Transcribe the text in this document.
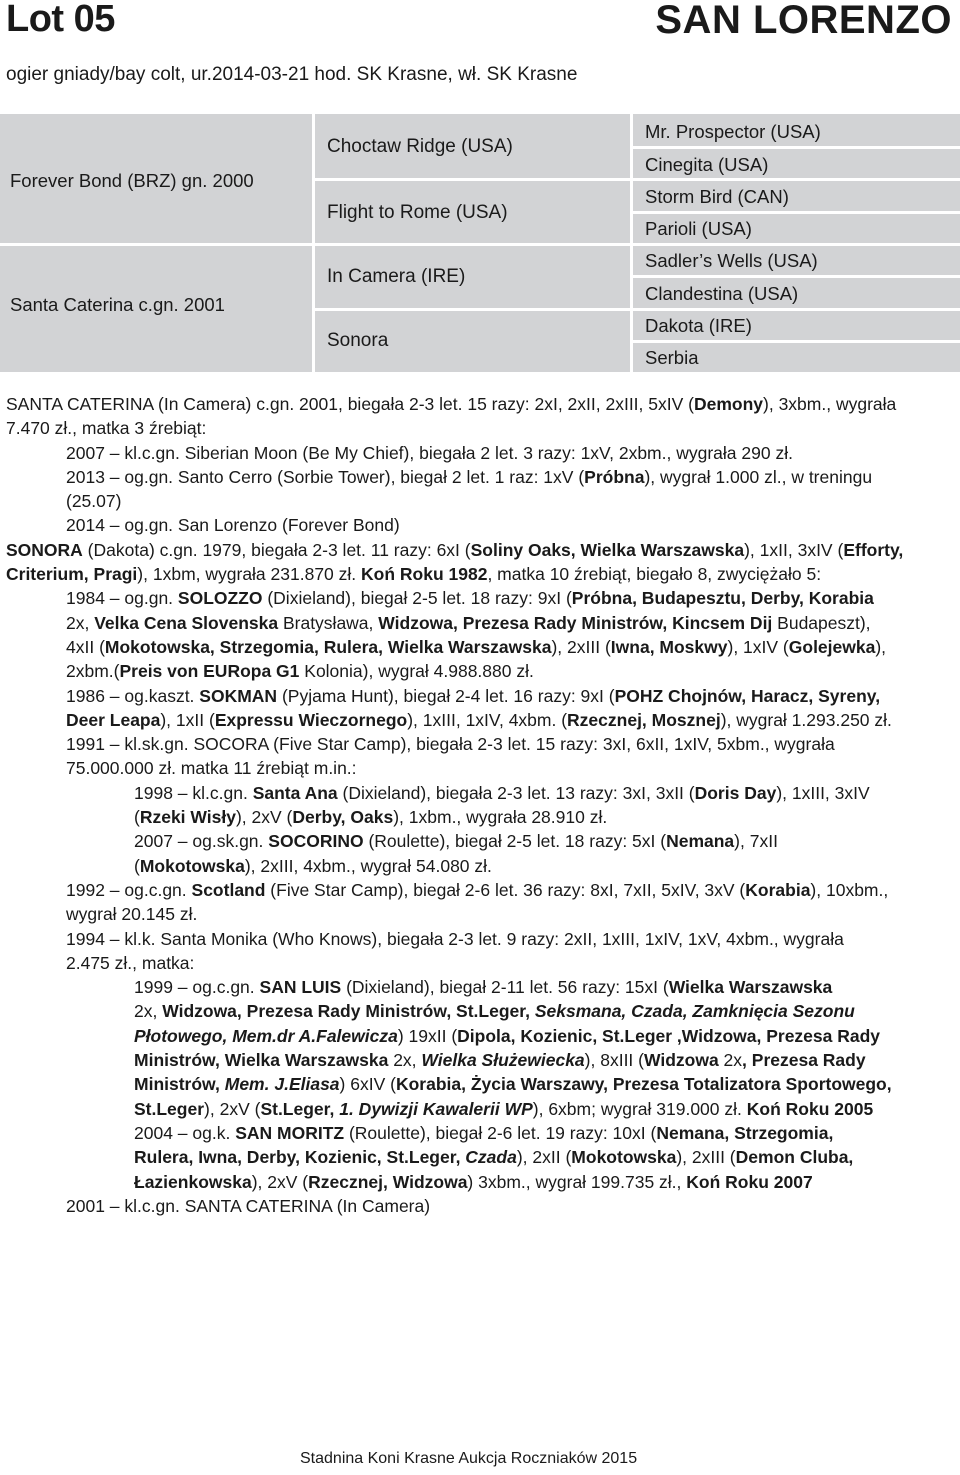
Lot 05	SAN LORENZO
ogier gniady/bay colt, ur.2014-03-21 hod. SK Krasne, wł. SK Krasne
Forever Bond (BRZ) gn. 2000
Santa Caterina c.gn. 2001
Choctaw Ridge (USA)
Flight to Rome (USA)
In Camera (IRE)
Sonora
Mr. Prospector (USA)
Cinegita (USA)
Storm Bird (CAN)
Parioli (USA)
Sadler’s Wells (USA)
Clandestina (USA)
Dakota (IRE)
Serbia

SANTA CATERINA (In Camera) c.gn. 2001, biegała 2-3 let. 15 razy: 2xI, 2xII, 2xIII, 5xIV (Demony), 3xbm., wygrała

7.470 zł., matka 3 źrebiąt:

2007 – kl.c.gn. Siberian Moon (Be My Chief), biegała 2 let. 3 razy: 1xV, 2xbm., wygrała 290 zł.

2013 – og.gn. Santo Cerro (Sorbie Tower), biegał 2 let. 1 raz: 1xV (Próbna), wygrał 1.000 zl., w treningu

(25.07)

2014 – og.gn. San Lorenzo (Forever Bond)

SONORA (Dakota) c.gn. 1979, biegała 2-3 let. 11 razy: 6xI (Soliny Oaks, Wielka Warszawska), 1xII, 3xIV (Efforty,

Criterium, Pragi), 1xbm, wygrała 231.870 zł. Koń Roku 1982, matka 10 źrebiąt, biegało 8, zwyciężało 5:

1984 – og.gn. SOLOZZO (Dixieland), biegał 2-5 let. 18 razy: 9xI (Próbna, Budapesztu, Derby, Korabia

2x, Velka Cena Slovenska Bratysława, Widzowa, Prezesa Rady Ministrów, Kincsem Dij Budapeszt),

4xII (Mokotowska, Strzegomia, Rulera, Wielka Warszawska), 2xIII (Iwna, Moskwy), 1xIV (Golejewka),

2xbm.(Preis von EURopa G1 Kolonia), wygrał 4.988.880 zł.

1986 – og.kaszt. SOKMAN (Pyjama Hunt), biegał 2-4 let. 16 razy: 9xI (POHZ Chojnów, Haracz, Syreny,

Deer Leapa), 1xII (Expressu Wieczornego), 1xIII, 1xIV, 4xbm. (Rzecznej, Mosznej), wygrał 1.293.250 zł.

1991 – kl.sk.gn. SOCORA (Five Star Camp), biegała 2-3 let. 15 razy: 3xI, 6xII, 1xIV, 5xbm., wygrała

75.000.000 zł. matka 11 źrebiąt m.in.:

1998 – kl.c.gn. Santa Ana (Dixieland), biegała 2-3 let. 13 razy: 3xI, 3xII (Doris Day), 1xIII, 3xIV

(Rzeki Wisły), 2xV (Derby, Oaks), 1xbm., wygrała 28.910 zł.

2007 – og.sk.gn. SOCORINO (Roulette), biegał 2-5 let. 18 razy: 5xI (Nemana), 7xII

(Mokotowska), 2xIII, 4xbm., wygrał 54.080 zł.

1992 – og.c.gn. Scotland (Five Star Camp), biegał 2-6 let. 36 razy: 8xI, 7xII, 5xIV, 3xV (Korabia), 10xbm.,

wygrał 20.145 zł.

1994 – kl.k. Santa Monika (Who Knows), biegała 2-3 let. 9 razy: 2xII, 1xIII, 1xIV, 1xV, 4xbm., wygrała

2.475 zł., matka:

1999 – og.c.gn. SAN LUIS (Dixieland), biegał 2-11 let. 56 razy: 15xI (Wielka Warszawska

2x, Widzowa, Prezesa Rady Ministrów, St.Leger, Seksmana, Czada, Zamknięcia Sezonu

Płotowego, Mem.dr A.Falewicza) 19xII (Dipola, Kozienic, St.Leger ,Widzowa, Prezesa Rady

Ministrów, Wielka Warszawska 2x, Wielka Służewiecka), 8xIII (Widzowa 2x, Prezesa Rady

Ministrów, Mem. J.Eliasa) 6xIV (Korabia, Życia Warszawy, Prezesa Totalizatora Sportowego,

St.Leger), 2xV (St.Leger, 1. Dywizji Kawalerii WP), 6xbm; wygrał 319.000 zł. Koń Roku 2005

2004 – og.k. SAN MORITZ (Roulette), biegał 2-6 let. 19 razy: 10xI (Nemana, Strzegomia,

Rulera, Iwna, Derby, Kozienic, St.Leger, Czada), 2xII (Mokotowska), 2xIII (Demon Cluba,

Łazienkowska), 2xV (Rzecznej, Widzowa) 3xbm., wygrał 199.735 zł., Koń Roku 2007

2001 – kl.c.gn. SANTA CATERINA (In Camera)

Stadnina Koni Krasne Aukcja Roczniaków 2015
